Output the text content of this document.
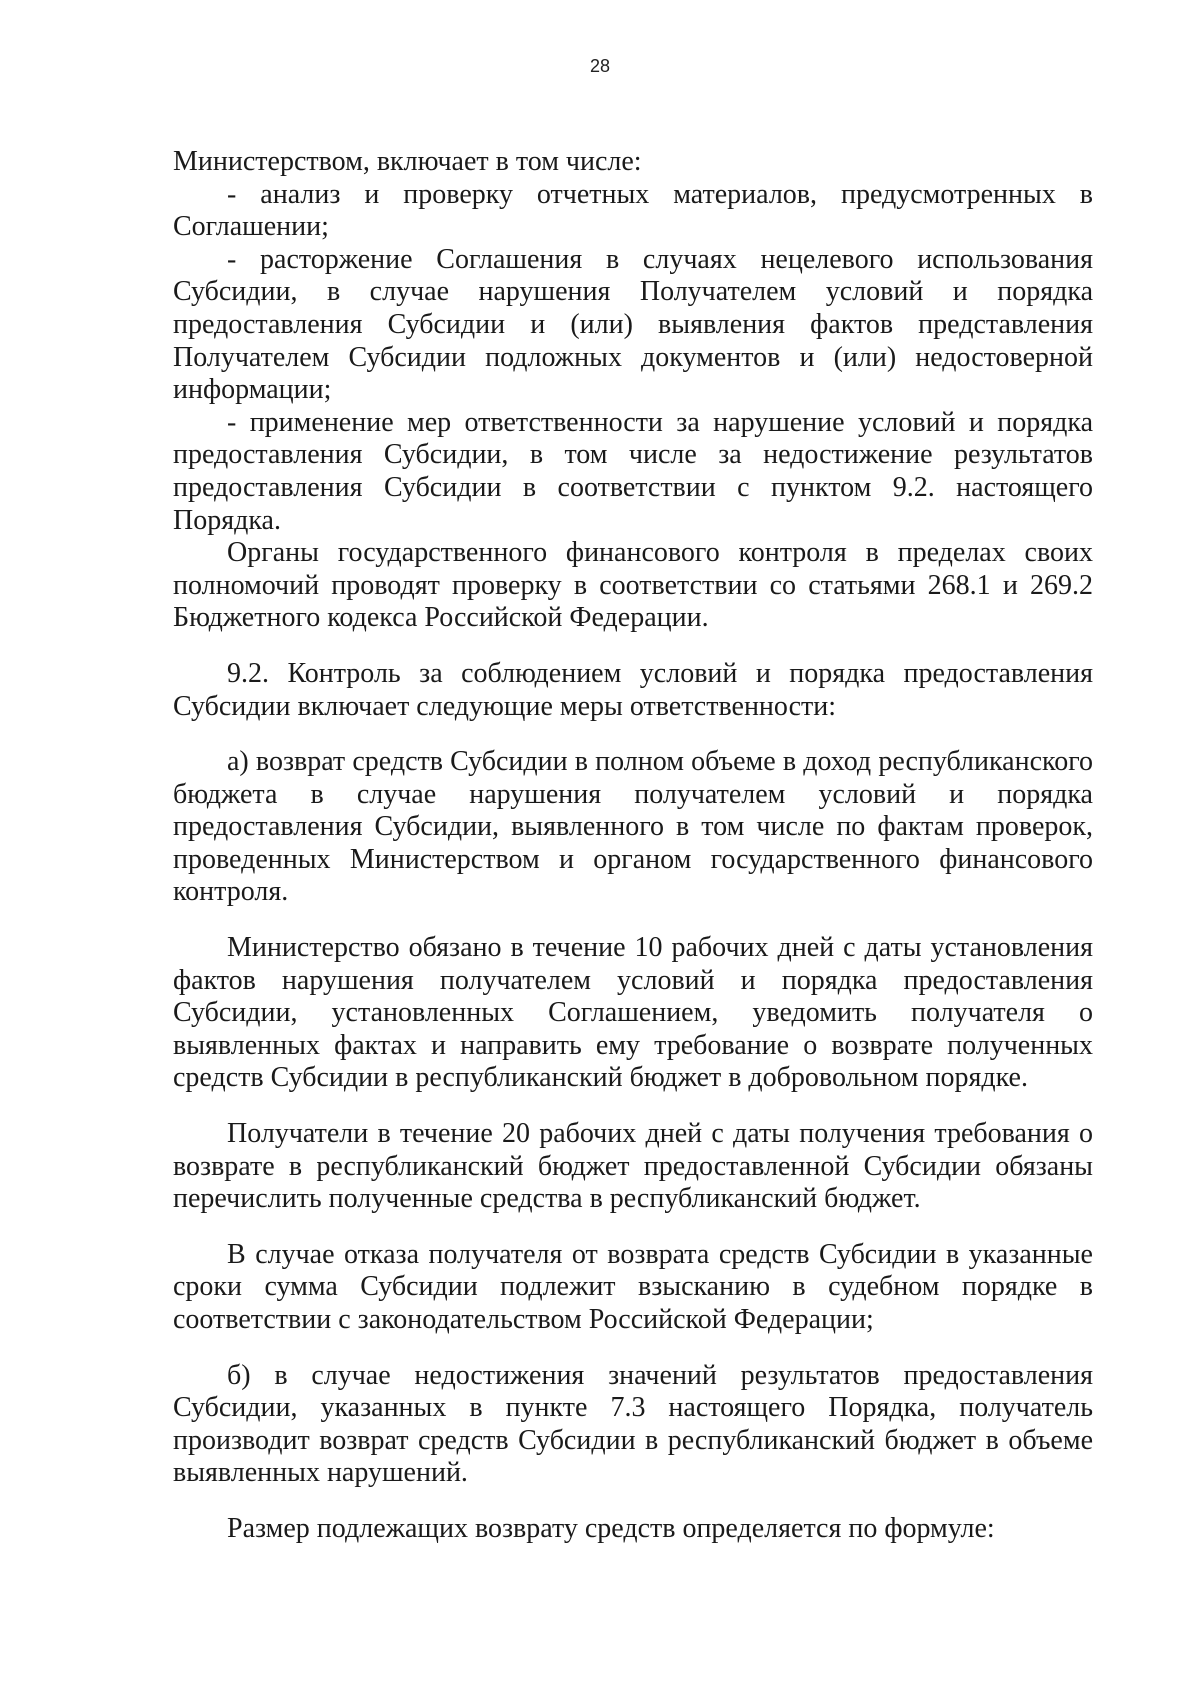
28

Министерством, включает в том числе:

- анализ и проверку отчетных материалов, предусмотренных в Соглашении;

- расторжение Соглашения в случаях нецелевого использования Субсидии, в случае нарушения Получателем условий и порядка предоставления Субсидии и (или) выявления фактов представления Получателем Субсидии подложных документов и (или) недостоверной информации;

- применение мер ответственности за нарушение условий и порядка предоставления Субсидии, в том числе за недостижение результатов предоставления Субсидии в соответствии с пунктом 9.2. настоящего Порядка.

Органы государственного финансового контроля в пределах своих полномочий проводят проверку в соответствии со статьями 268.1 и 269.2 Бюджетного кодекса Российской Федерации.

9.2. Контроль за соблюдением условий и порядка предоставления Субсидии включает следующие меры ответственности:

а) возврат средств Субсидии в полном объеме в доход республиканского бюджета в случае нарушения получателем условий и порядка предоставления Субсидии, выявленного в том числе по фактам проверок, проведенных Министерством и органом государственного финансового контроля.

Министерство обязано в течение 10 рабочих дней с даты установления фактов нарушения получателем условий и порядка предоставления Субсидии, установленных Соглашением, уведомить получателя о выявленных фактах и направить ему требование о возврате полученных средств Субсидии в республиканский бюджет в добровольном порядке.

Получатели в течение 20 рабочих дней с даты получения требования о возврате в республиканский бюджет предоставленной Субсидии обязаны перечислить полученные средства в республиканский бюджет.

В случае отказа получателя от возврата средств Субсидии в указанные сроки сумма Субсидии подлежит взысканию в судебном порядке в соответствии с законодательством Российской Федерации;

б) в случае недостижения значений результатов предоставления Субсидии, указанных в пункте 7.3 настоящего Порядка, получатель производит возврат средств Субсидии в республиканский бюджет в объеме выявленных нарушений.

Размер подлежащих возврату средств определяется по формуле:
